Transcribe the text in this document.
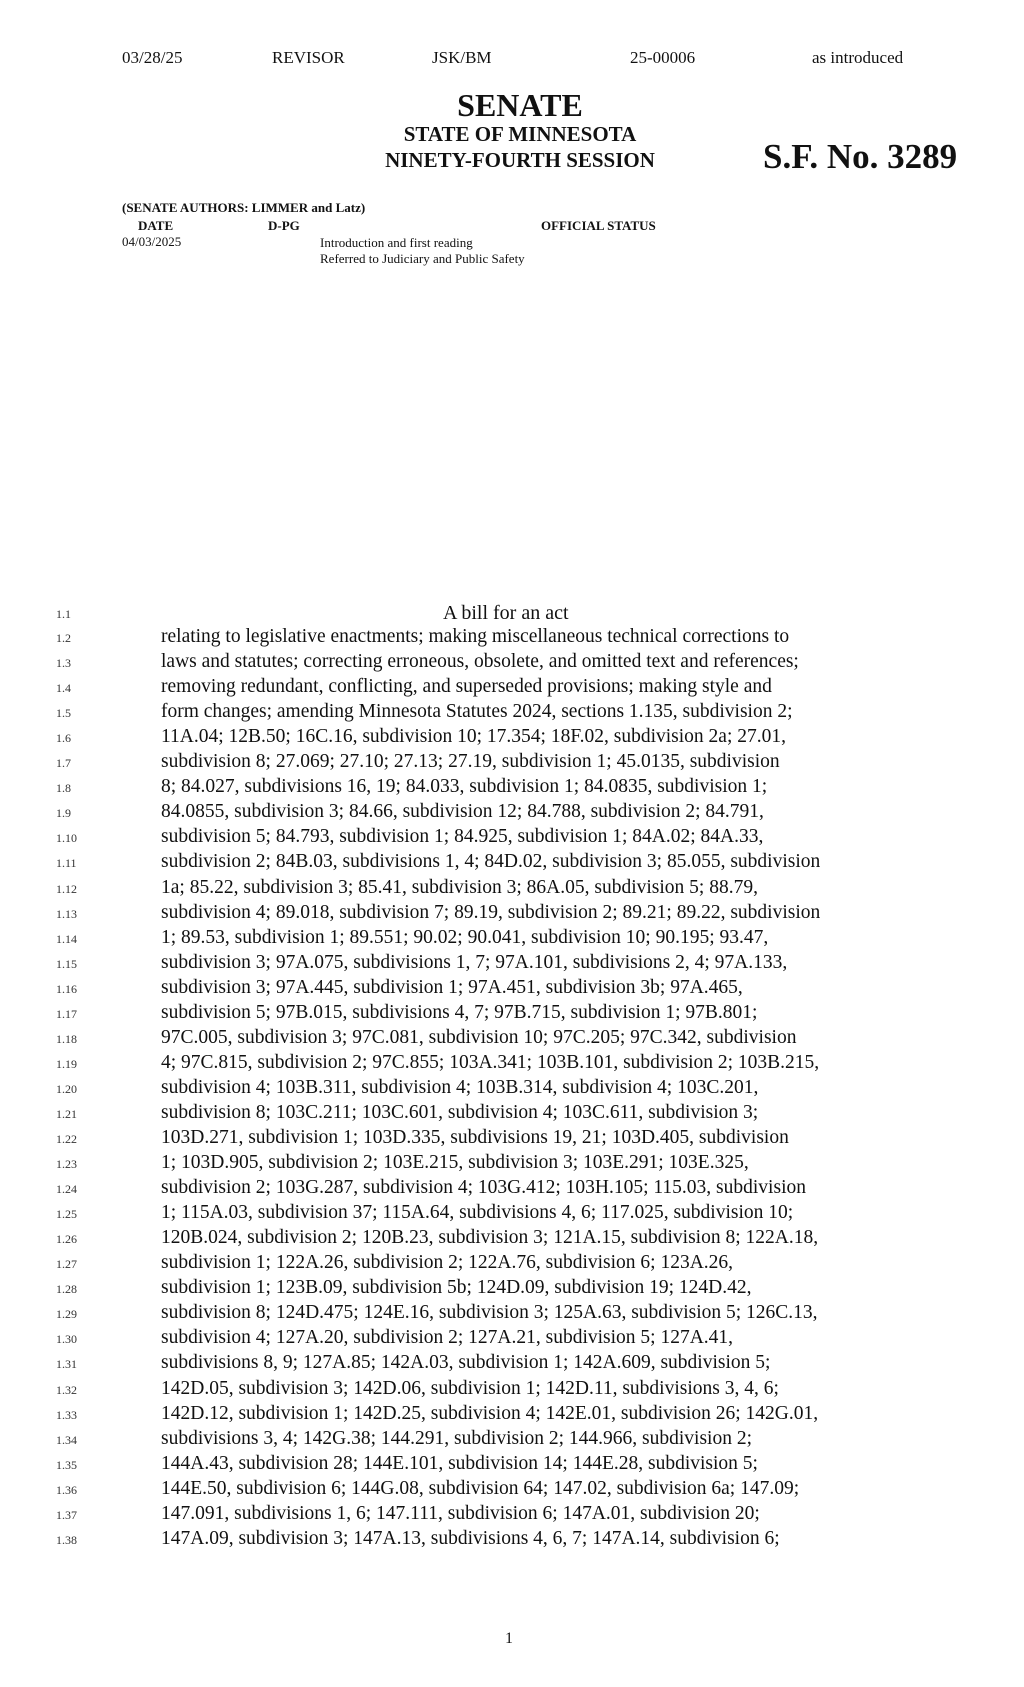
03/28/25	REVISOR	JSK/BM	25-00006	as introduced
SENATE
STATE OF MINNESOTA
NINETY-FOURTH SESSION	S.F. No. 3289
(SENATE AUTHORS: LIMMER and Latz)
DATE	D-PG	OFFICIAL STATUS
04/03/2025	Introduction and first reading
Referred to Judiciary and Public Safety
1.1	A bill for an act
1.2	relating to legislative enactments; making miscellaneous technical corrections to
1.3	laws and statutes; correcting erroneous, obsolete, and omitted text and references;
1.4	removing redundant, conflicting, and superseded provisions; making style and
1.5	form changes; amending Minnesota Statutes 2024, sections 1.135, subdivision 2;
1.6	11A.04; 12B.50; 16C.16, subdivision 10; 17.354; 18F.02, subdivision 2a; 27.01,
1.7	subdivision 8; 27.069; 27.10; 27.13; 27.19, subdivision 1; 45.0135, subdivision
1.8	8; 84.027, subdivisions 16, 19; 84.033, subdivision 1; 84.0835, subdivision 1;
1.9	84.0855, subdivision 3; 84.66, subdivision 12; 84.788, subdivision 2; 84.791,
1.10	subdivision 5; 84.793, subdivision 1; 84.925, subdivision 1; 84A.02; 84A.33,
1.11	subdivision 2; 84B.03, subdivisions 1, 4; 84D.02, subdivision 3; 85.055, subdivision
1.12	1a; 85.22, subdivision 3; 85.41, subdivision 3; 86A.05, subdivision 5; 88.79,
1.13	subdivision 4; 89.018, subdivision 7; 89.19, subdivision 2; 89.21; 89.22, subdivision
1.14	1; 89.53, subdivision 1; 89.551; 90.02; 90.041, subdivision 10; 90.195; 93.47,
1.15	subdivision 3; 97A.075, subdivisions 1, 7; 97A.101, subdivisions 2, 4; 97A.133,
1.16	subdivision 3; 97A.445, subdivision 1; 97A.451, subdivision 3b; 97A.465,
1.17	subdivision 5; 97B.015, subdivisions 4, 7; 97B.715, subdivision 1; 97B.801;
1.18	97C.005, subdivision 3; 97C.081, subdivision 10; 97C.205; 97C.342, subdivision
1.19	4; 97C.815, subdivision 2; 97C.855; 103A.341; 103B.101, subdivision 2; 103B.215,
1.20	subdivision 4; 103B.311, subdivision 4; 103B.314, subdivision 4; 103C.201,
1.21	subdivision 8; 103C.211; 103C.601, subdivision 4; 103C.611, subdivision 3;
1.22	103D.271, subdivision 1; 103D.335, subdivisions 19, 21; 103D.405, subdivision
1.23	1; 103D.905, subdivision 2; 103E.215, subdivision 3; 103E.291; 103E.325,
1.24	subdivision 2; 103G.287, subdivision 4; 103G.412; 103H.105; 115.03, subdivision
1.25	1; 115A.03, subdivision 37; 115A.64, subdivisions 4, 6; 117.025, subdivision 10;
1.26	120B.024, subdivision 2; 120B.23, subdivision 3; 121A.15, subdivision 8; 122A.18,
1.27	subdivision 1; 122A.26, subdivision 2; 122A.76, subdivision 6; 123A.26,
1.28	subdivision 1; 123B.09, subdivision 5b; 124D.09, subdivision 19; 124D.42,
1.29	subdivision 8; 124D.475; 124E.16, subdivision 3; 125A.63, subdivision 5; 126C.13,
1.30	subdivision 4; 127A.20, subdivision 2; 127A.21, subdivision 5; 127A.41,
1.31	subdivisions 8, 9; 127A.85; 142A.03, subdivision 1; 142A.609, subdivision 5;
1.32	142D.05, subdivision 3; 142D.06, subdivision 1; 142D.11, subdivisions 3, 4, 6;
1.33	142D.12, subdivision 1; 142D.25, subdivision 4; 142E.01, subdivision 26; 142G.01,
1.34	subdivisions 3, 4; 142G.38; 144.291, subdivision 2; 144.966, subdivision 2;
1.35	144A.43, subdivision 28; 144E.101, subdivision 14; 144E.28, subdivision 5;
1.36	144E.50, subdivision 6; 144G.08, subdivision 64; 147.02, subdivision 6a; 147.09;
1.37	147.091, subdivisions 1, 6; 147.111, subdivision 6; 147A.01, subdivision 20;
1.38	147A.09, subdivision 3; 147A.13, subdivisions 4, 6, 7; 147A.14, subdivision 6;
1
